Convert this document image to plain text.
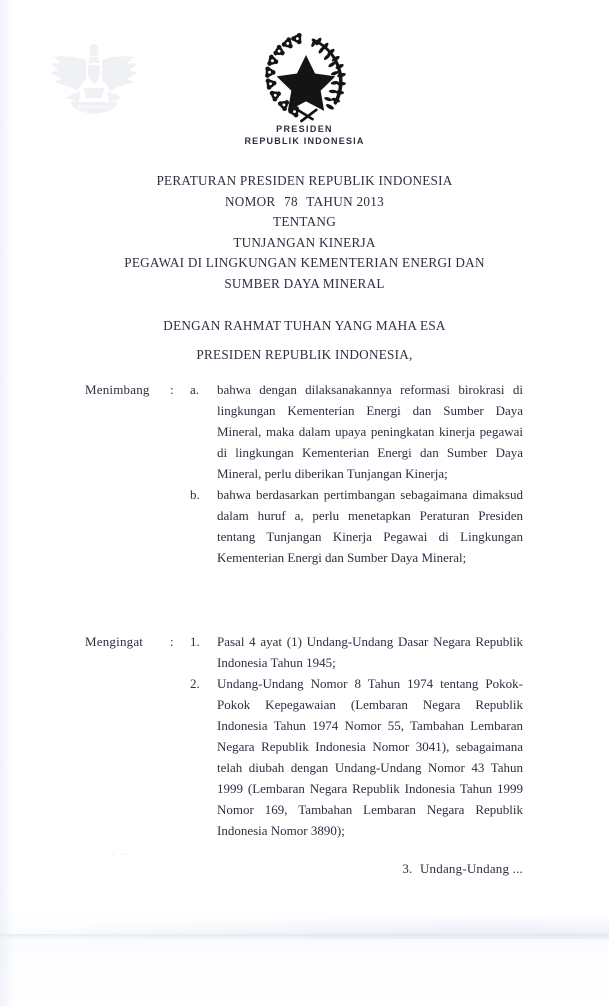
PRESIDEN
REPUBLIK INDONESIA
PERATURAN PRESIDEN REPUBLIK INDONESIA
NOMOR 78 TAHUN 2013
TENTANG
TUNJANGAN KINERJA
PEGAWAI DI LINGKUNGAN KEMENTERIAN ENERGI DAN
SUMBER DAYA MINERAL
DENGAN RAHMAT TUHAN YANG MAHA ESA
PRESIDEN REPUBLIK INDONESIA,
Menimbang	:	a.	bahwa dengan dilaksanakannya reformasi birokrasi di lingkungan Kementerian Energi dan Sumber Daya Mineral, maka dalam upaya peningkatan kinerja pegawai di lingkungan Kementerian Energi dan Sumber Daya Mineral, perlu diberikan Tunjangan Kinerja;
b.	bahwa berdasarkan pertimbangan sebagaimana dimaksud dalam huruf a, perlu menetapkan Peraturan Presiden tentang Tunjangan Kinerja Pegawai di Lingkungan Kementerian Energi dan Sumber Daya Mineral;
Mengingat	:	1.	Pasal 4 ayat (1) Undang-Undang Dasar Negara Republik Indonesia Tahun 1945;
2.	Undang-Undang Nomor 8 Tahun 1974 tentang Pokok-Pokok Kepegawaian (Lembaran Negara Republik Indonesia Tahun 1974 Nomor 55, Tambahan Lembaran Negara Republik Indonesia Nomor 3041), sebagaimana telah diubah dengan Undang-Undang Nomor 43 Tahun 1999 (Lembaran Negara Republik Indonesia Tahun 1999 Nomor 169, Tambahan Lembaran Negara Republik Indonesia Nomor 3890);
. ..
3. Undang-Undang ...
